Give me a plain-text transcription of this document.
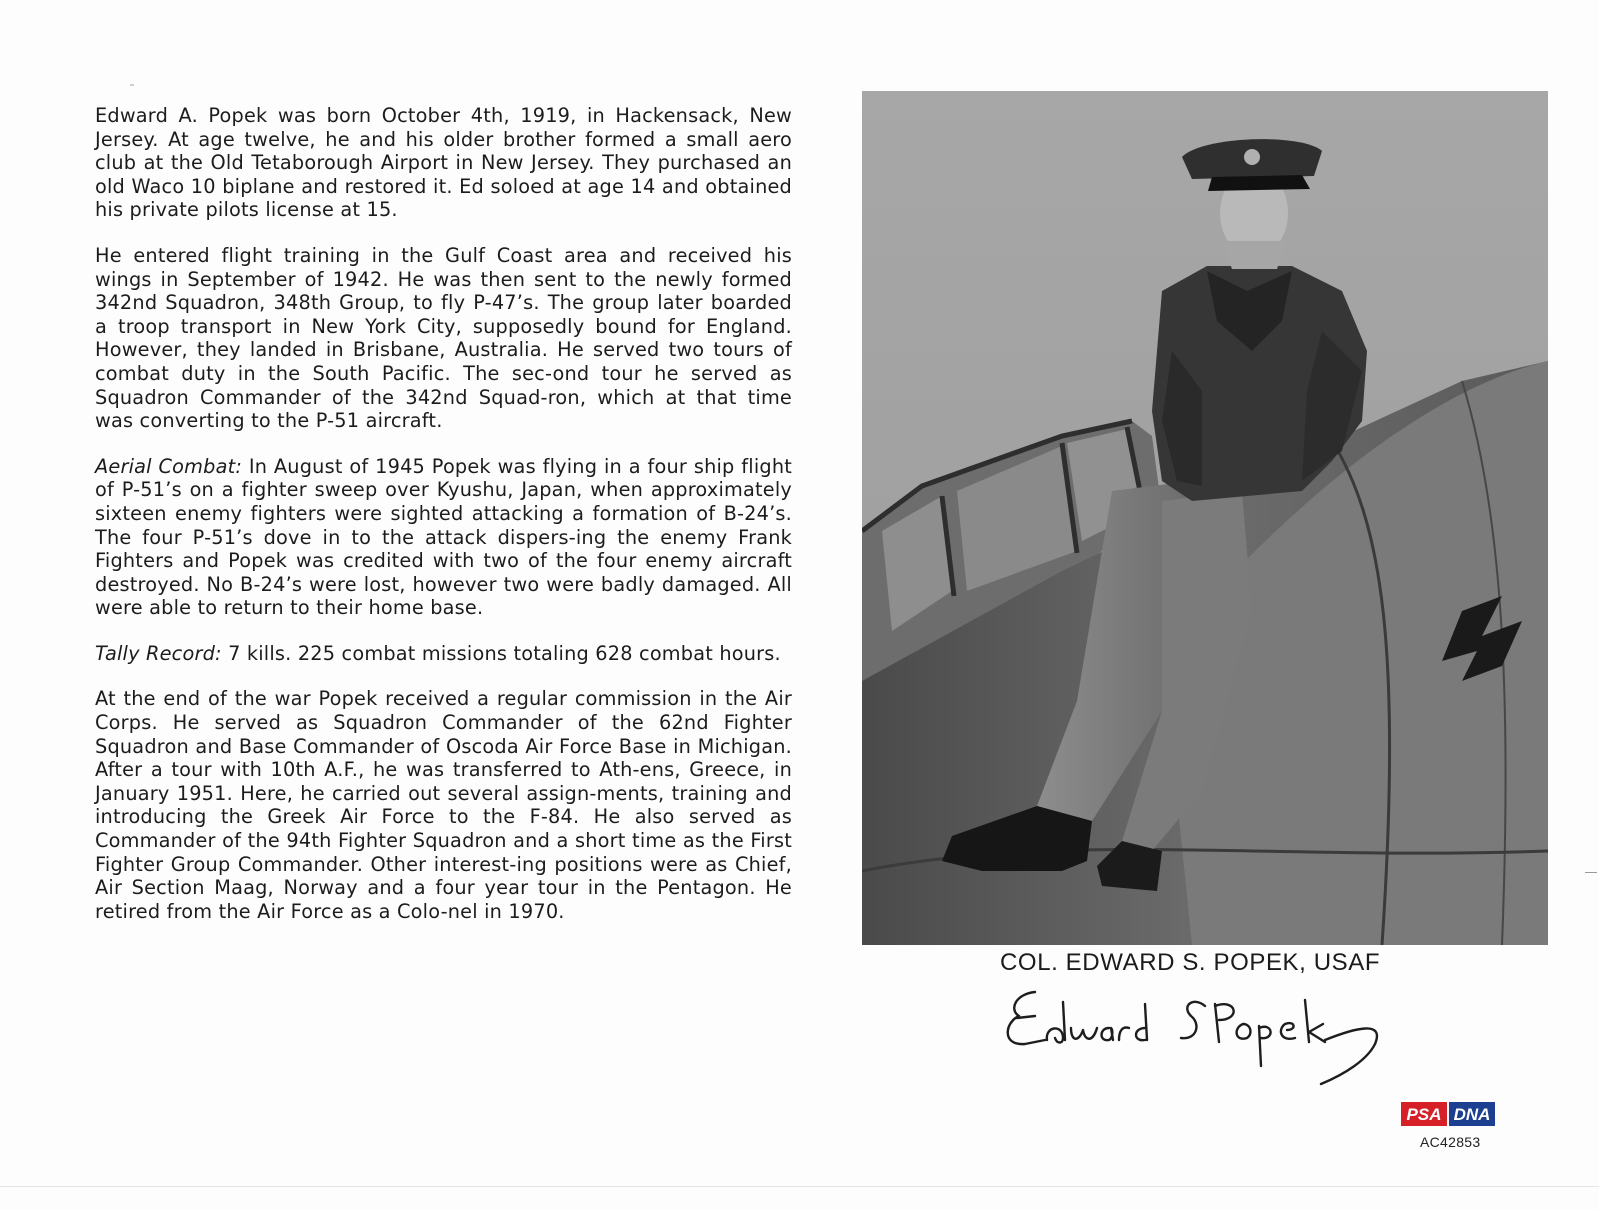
Edward A. Popek was born October 4th, 1919, in Hackensack, New Jersey. At age twelve, he and his older brother formed a small aero club at the Old Tetaborough Airport in New Jersey. They purchased an old Waco 10 biplane and restored it. Ed soloed at age 14 and obtained his private pilots license at 15.

He entered flight training in the Gulf Coast area and received his wings in September of 1942. He was then sent to the newly formed 342nd Squadron, 348th Group, to fly P-47’s. The group later boarded a troop transport in New York City, supposedly bound for England. However, they landed in Brisbane, Australia. He served two tours of combat duty in the South Pacific. The sec-ond tour he served as Squadron Commander of the 342nd Squad-ron, which at that time was converting to the P-51 aircraft.

Aerial Combat: In August of 1945 Popek was flying in a four ship flight of P-51’s on a fighter sweep over Kyushu, Japan, when approximately sixteen enemy fighters were sighted attacking a formation of B-24’s. The four P-51’s dove in to the attack dispers-ing the enemy Frank Fighters and Popek was credited with two of the four enemy aircraft destroyed. No B-24’s were lost, however two were badly damaged. All were able to return to their home base.

Tally Record: 7 kills. 225 combat missions totaling 628 combat hours.

At the end of the war Popek received a regular commission in the Air Corps. He served as Squadron Commander of the 62nd Fighter Squadron and Base Commander of Oscoda Air Force Base in Michigan. After a tour with 10th A.F., he was transferred to Ath-ens, Greece, in January 1951. Here, he carried out several assign-ments, training and introducing the Greek Air Force to the F-84. He also served as Commander of the 94th Fighter Squadron and a short time as the First Fighter Group Commander. Other interest-ing positions were as Chief, Air Section Maag, Norway and a four year tour in the Pentagon. He retired from the Air Force as a Colo-nel in 1970.

COL. EDWARD S. POPEK, USAF
PSA DNA
AC42853
